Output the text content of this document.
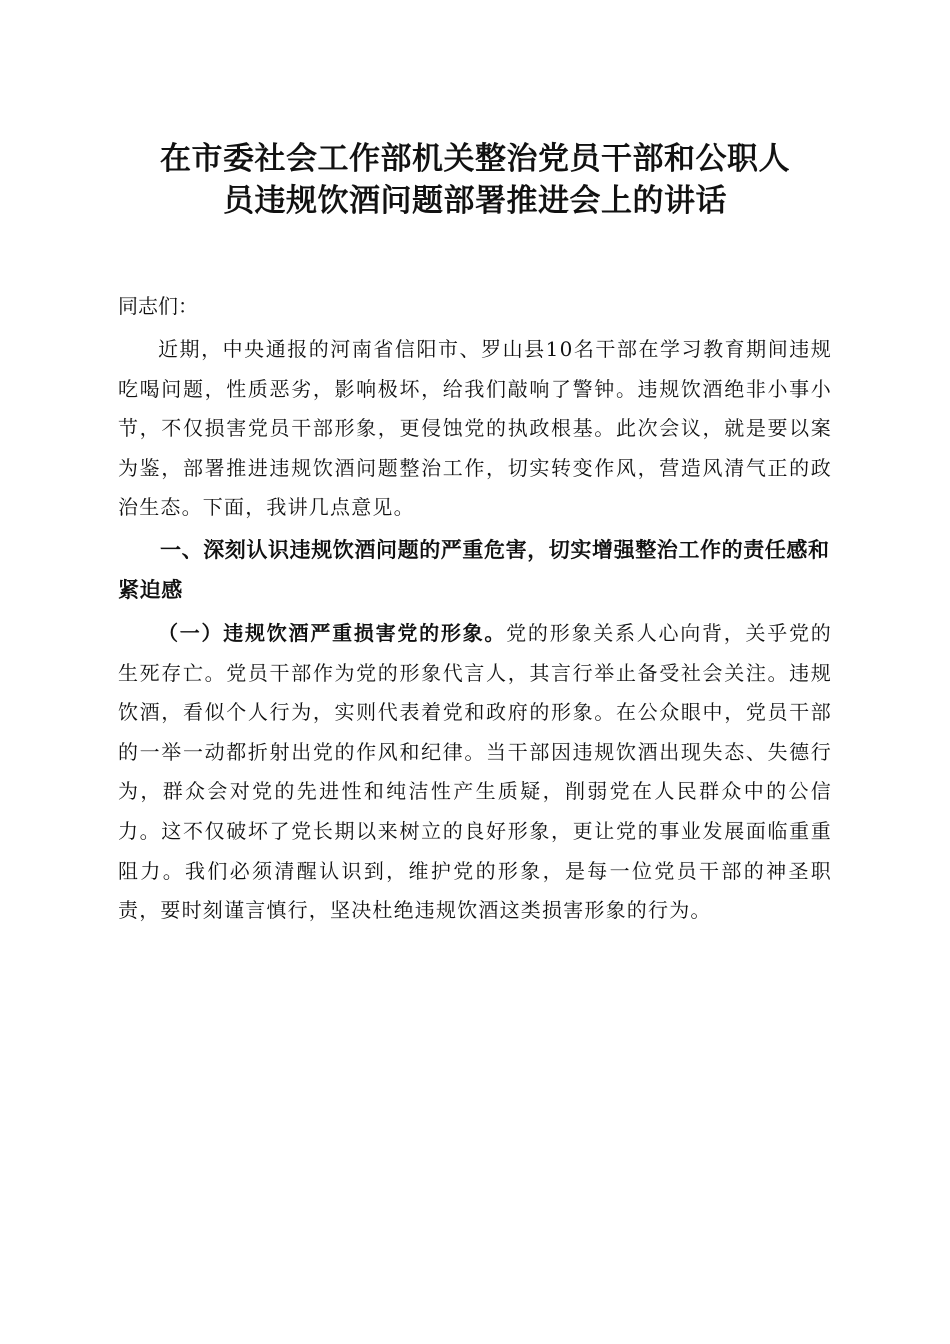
在市委社会工作部机关整治党员干部和公职人
员违规饮酒问题部署推进会上的讲话
同志们：

近期，中央通报的河南省信阳市、罗山县10名干部在学习教育期间违规吃喝问题，性质恶劣，影响极坏，给我们敲响了警钟。违规饮酒绝非小事小节，不仅损害党员干部形象，更侵蚀党的执政根基。此次会议，就是要以案为鉴，部署推进违规饮酒问题整治工作，切实转变作风，营造风清气正的政治生态。下面，我讲几点意见。

一、深刻认识违规饮酒问题的严重危害，切实增强整治工作的责任感和紧迫感

（一）违规饮酒严重损害党的形象。党的形象关系人心向背，关乎党的生死存亡。党员干部作为党的形象代言人，其言行举止备受社会关注。违规饮酒，看似个人行为，实则代表着党和政府的形象。在公众眼中，党员干部的一举一动都折射出党的作风和纪律。当干部因违规饮酒出现失态、失德行为，群众会对党的先进性和纯洁性产生质疑，削弱党在人民群众中的公信力。这不仅破坏了党长期以来树立的良好形象，更让党的事业发展面临重重阻力。我们必须清醒认识到，维护党的形象，是每一位党员干部的神圣职责，要时刻谨言慎行，坚决杜绝违规饮酒这类损害形象的行为。
